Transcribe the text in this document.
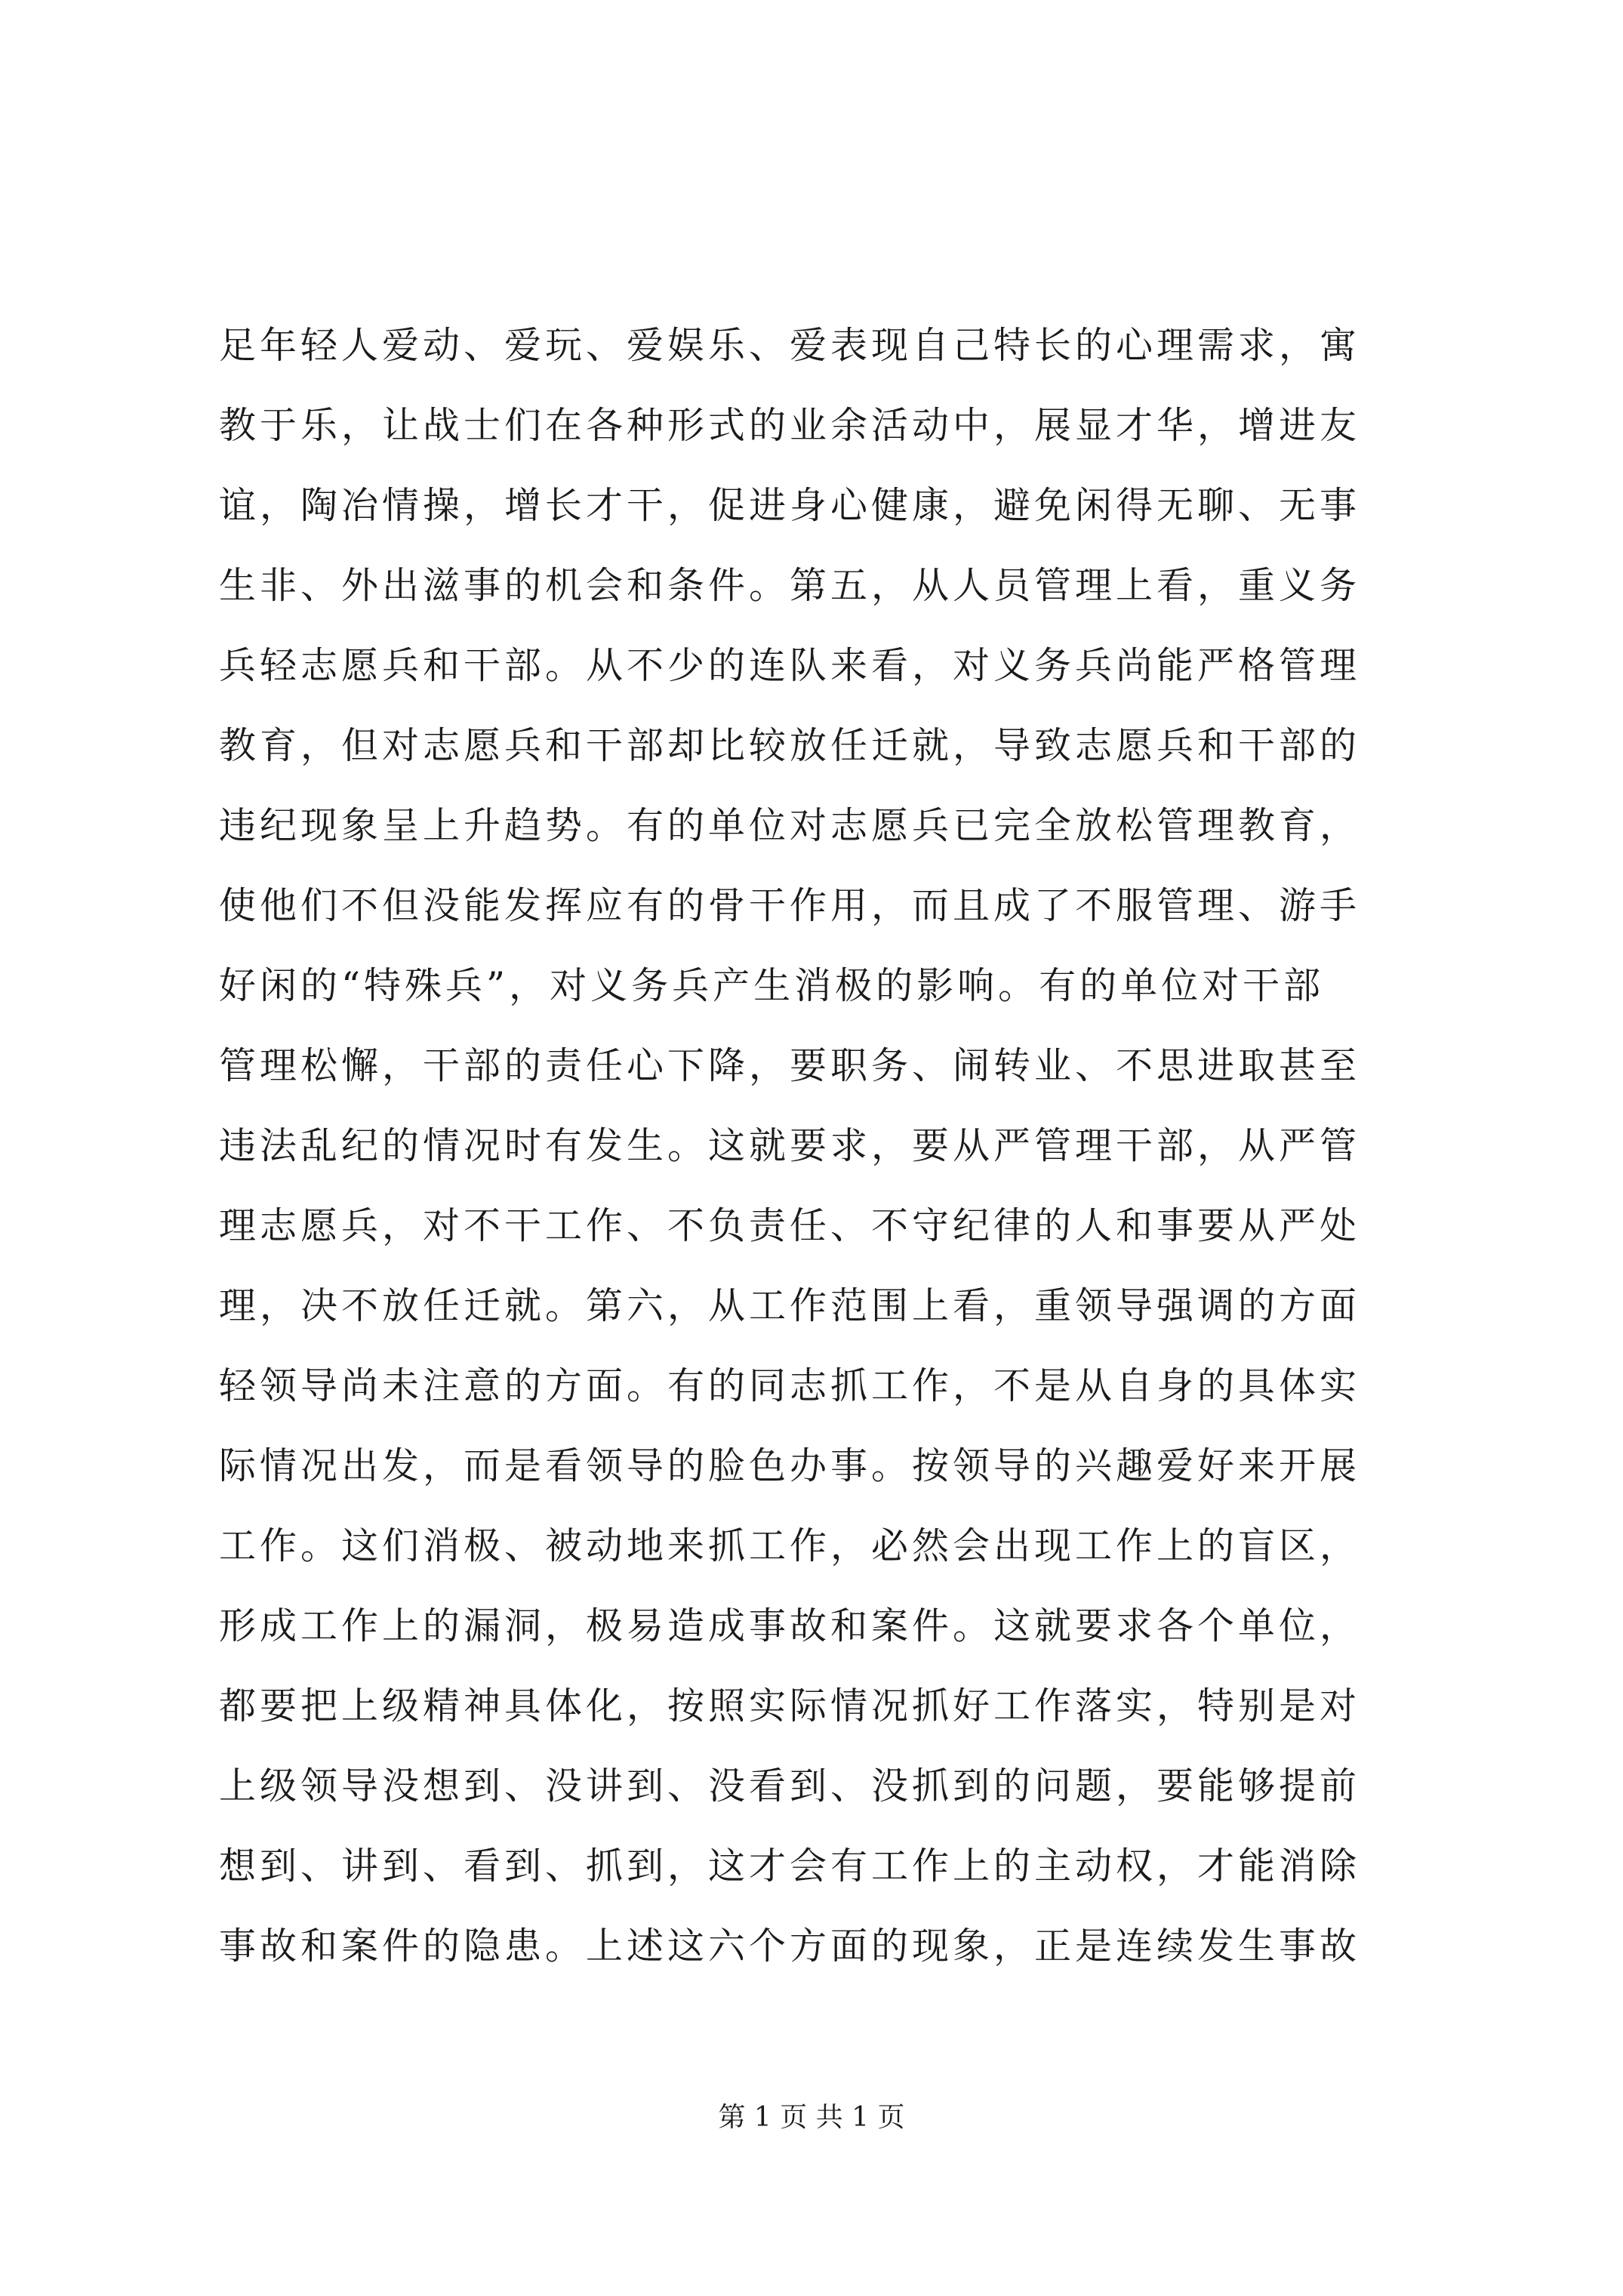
足年轻人爱动、爱玩、爱娱乐、爱表现自己特长的心理需求，寓
教于乐，让战士们在各种形式的业余活动中，展显才华，增进友
谊，陶冶情操，增长才干，促进身心健康，避免闲得无聊、无事
生非、外出滋事的机会和条件。第五，从人员管理上看，重义务
兵轻志愿兵和干部。从不少的连队来看，对义务兵尚能严格管理
教育，但对志愿兵和干部却比较放任迁就，导致志愿兵和干部的
违纪现象呈上升趋势。有的单位对志愿兵已完全放松管理教育，
使他们不但没能发挥应有的骨干作用，而且成了不服管理、游手
好闲的“特殊兵”，对义务兵产生消极的影响。有的单位对干部
管理松懈，干部的责任心下降，要职务、闹转业、不思进取甚至
违法乱纪的情况时有发生。这就要求，要从严管理干部，从严管
理志愿兵，对不干工作、不负责任、不守纪律的人和事要从严处
理，决不放任迁就。第六，从工作范围上看，重领导强调的方面
轻领导尚未注意的方面。有的同志抓工作，不是从自身的具体实
际情况出发，而是看领导的脸色办事。按领导的兴趣爱好来开展
工作。这们消极、被动地来抓工作，必然会出现工作上的盲区，
形成工作上的漏洞，极易造成事故和案件。这就要求各个单位，
都要把上级精神具体化，按照实际情况抓好工作落实，特别是对
上级领导没想到、没讲到、没看到、没抓到的问题，要能够提前
想到、讲到、看到、抓到，这才会有工作上的主动权，才能消除
事故和案件的隐患。上述这六个方面的现象，正是连续发生事故
第 1 页 共 1 页
